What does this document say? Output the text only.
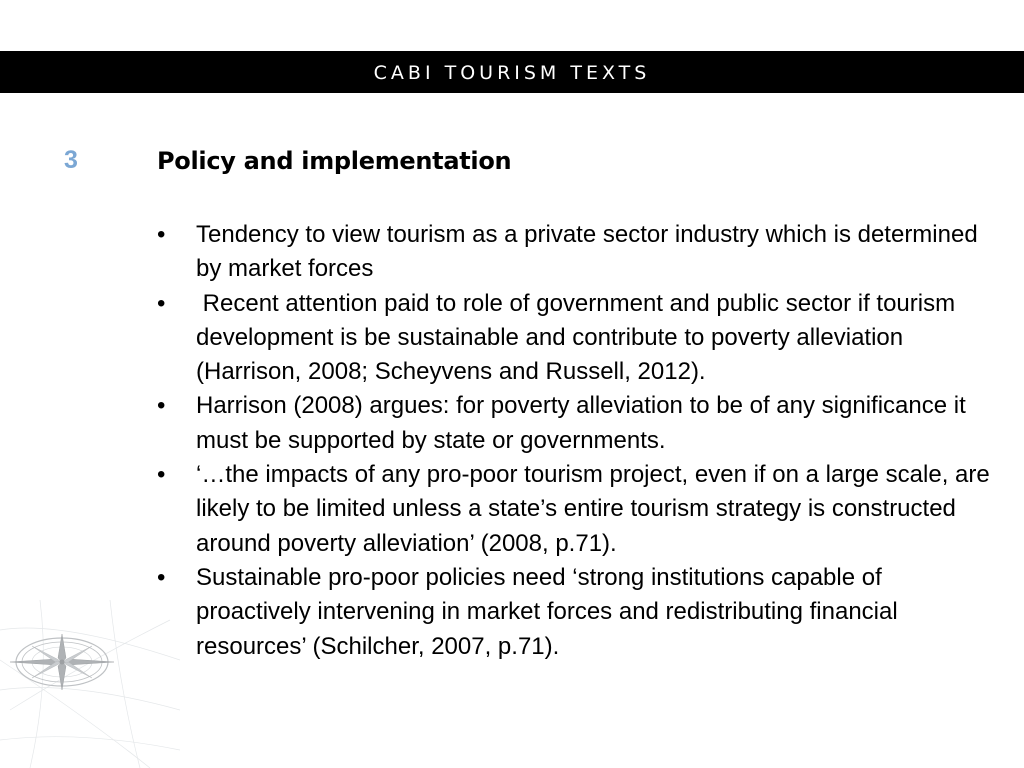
CABI TOURISM TEXTS
3	Policy and implementation
•	Tendency to view tourism as a private sector industry which is determined by market forces
•	Recent attention paid to role of government and public sector if tourism development is be sustainable and contribute to poverty alleviation (Harrison, 2008; Scheyvens and Russell, 2012).
•	Harrison (2008) argues: for poverty alleviation to be of any significance it must be supported by state or governments.
•	‘…the impacts of any pro-poor tourism project, even if on a large scale, are likely to be limited unless a state’s entire tourism strategy is constructed around poverty alleviation’ (2008, p.71).
•	Sustainable pro-poor policies need ‘strong institutions capable of proactively intervening in market forces and redistributing financial resources’ (Schilcher, 2007, p.71).
